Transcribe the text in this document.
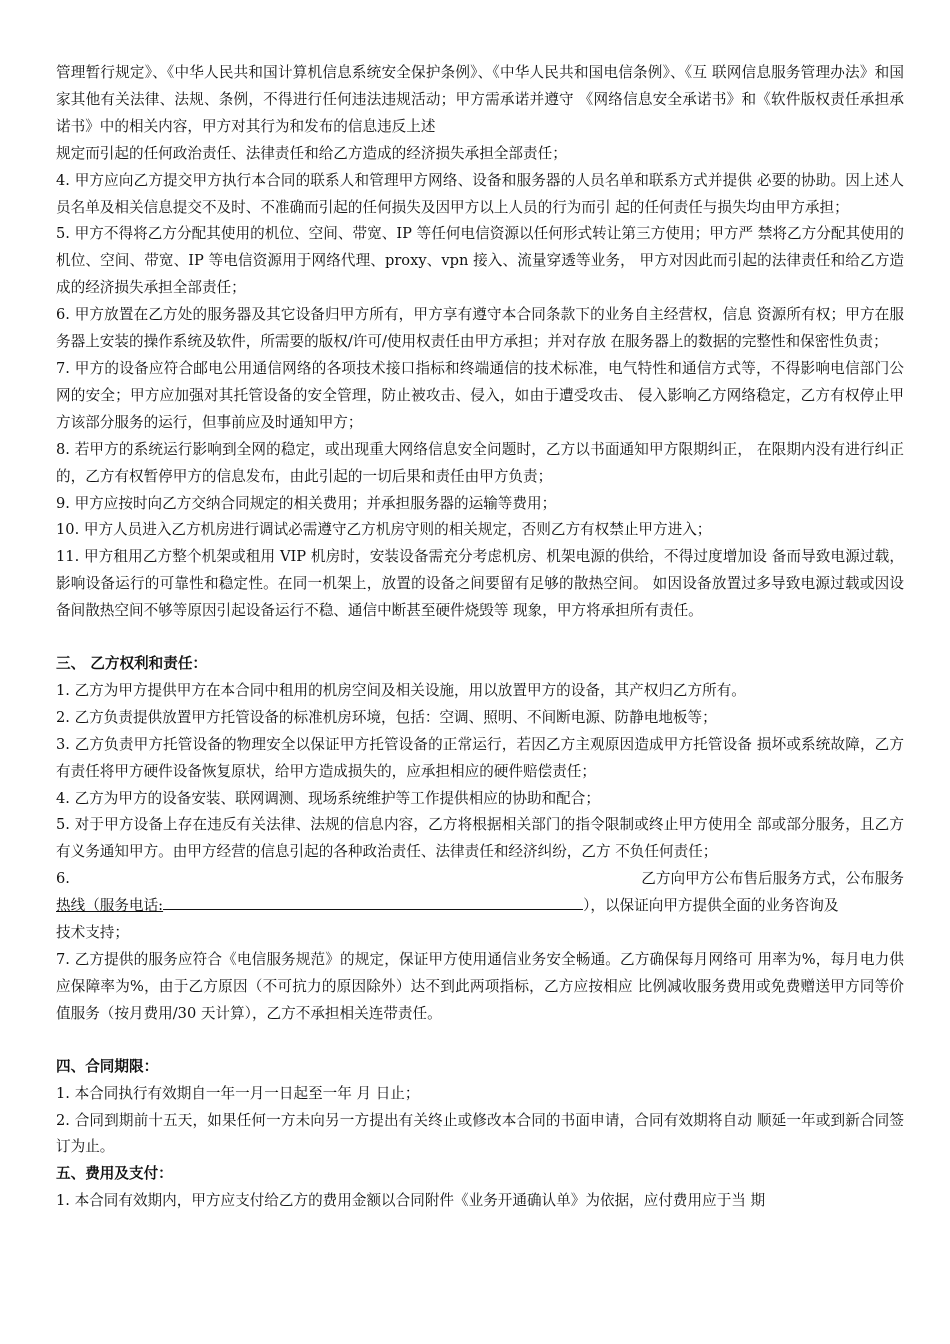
管理暂行规定》、《中华人民共和国计算机信息系统安全保护条例》、《中华人民共和国电信条例》、《互 联网信息服务管理办法》和国家其他有关法律、法规、条例，不得进行任何违法违规活动；甲方需承诺并遵守 《网络信息安全承诺书》和《软件版权责任承担承诺书》中的相关内容，甲方对其行为和发布的信息违反上述

规定而引起的任何政治责任、法律责任和给乙方造成的经济损失承担全部责任；

4. 甲方应向乙方提交甲方执行本合同的联系人和管理甲方网络、设备和服务器的人员名单和联系方式并提供 必要的协助。因上述人员名单及相关信息提交不及时、不准确而引起的任何损失及因甲方以上人员的行为而引 起的任何责任与损失均由甲方承担；

5. 甲方不得将乙方分配其使用的机位、空间、带宽、IP 等任何电信资源以任何形式转让第三方使用；甲方严 禁将乙方分配其使用的机位、空间、带宽、IP 等电信资源用于网络代理、proxy、vpn 接入、流量穿透等业务， 甲方对因此而引起的法律责任和给乙方造成的经济损失承担全部责任；

6. 甲方放置在乙方处的服务器及其它设备归甲方所有，甲方享有遵守本合同条款下的业务自主经营权，信息 资源所有权；甲方在服务器上安装的操作系统及软件，所需要的版权/许可/使用权责任由甲方承担；并对存放 在服务器上的数据的完整性和保密性负责；

7. 甲方的设备应符合邮电公用通信网络的各项技术接口指标和终端通信的技术标准，电气特性和通信方式等，不得影响电信部门公网的安全；甲方应加强对其托管设备的安全管理，防止被攻击、侵入，如由于遭受攻击、 侵入影响乙方网络稳定，乙方有权停止甲方该部分服务的运行，但事前应及时通知甲方；

8. 若甲方的系统运行影响到全网的稳定，或出现重大网络信息安全问题时，乙方以书面通知甲方限期纠正， 在限期内没有进行纠正的，乙方有权暂停甲方的信息发布，由此引起的一切后果和责任由甲方负责；

9. 甲方应按时向乙方交纳合同规定的相关费用；并承担服务器的运输等费用；

10. 甲方人员进入乙方机房进行调试必需遵守乙方机房守则的相关规定，否则乙方有权禁止甲方进入；

11. 甲方租用乙方整个机架或租用 VIP 机房时，安装设备需充分考虑机房、机架电源的供给，不得过度增加设 备而导致电源过载，影响设备运行的可靠性和稳定性。在同一机架上，放置的设备之间要留有足够的散热空间。 如因设备放置过多导致电源过载或因设备间散热空间不够等原因引起设备运行不稳、通信中断甚至硬件烧毁等 现象，甲方将承担所有责任。

三、 乙方权利和责任：

1. 乙方为甲方提供甲方在本合同中租用的机房空间及相关设施，用以放置甲方的设备，其产权归乙方所有。

2. 乙方负责提供放置甲方托管设备的标准机房环境，包括：空调、照明、不间断电源、防静电地板等；

3. 乙方负责甲方托管设备的物理安全以保证甲方托管设备的正常运行，若因乙方主观原因造成甲方托管设备 损坏或系统故障，乙方有责任将甲方硬件设备恢复原状，给甲方造成损失的，应承担相应的硬件赔偿责任；

4. 乙方为甲方的设备安装、联网调测、现场系统维护等工作提供相应的协助和配合；

5. 对于甲方设备上存在违反有关法律、法规的信息内容，乙方将根据相关部门的指令限制或终止甲方使用全 部或部分服务，且乙方有义务通知甲方。由甲方经营的信息引起的各种政治责任、法律责任和经济纠纷，乙方 不负任何责任；

6.	乙方向甲方公布售后服务方式，公布服务

热线（服务电话:	），以保证向甲方提供全面的业务咨询及

技术支持；

7. 乙方提供的服务应符合《电信服务规范》的规定，保证甲方使用通信业务安全畅通。乙方确保每月网络可 用率为%，每月电力供应保障率为%，由于乙方原因（不可抗力的原因除外）达不到此两项指标，乙方应按相应 比例减收服务费用或免费赠送甲方同等价值服务（按月费用/30 天计算），乙方不承担相关连带责任。

四、合同期限：

1. 本合同执行有效期自一年一月一日起至一年 月 日止；

2. 合同到期前十五天，如果任何一方未向另一方提出有关终止或修改本合同的书面申请，合同有效期将自动 顺延一年或到新合同签订为止。

五、费用及支付：

1. 本合同有效期内，甲方应支付给乙方的费用金额以合同附件《业务开通确认单》为依据，应付费用应于当 期
